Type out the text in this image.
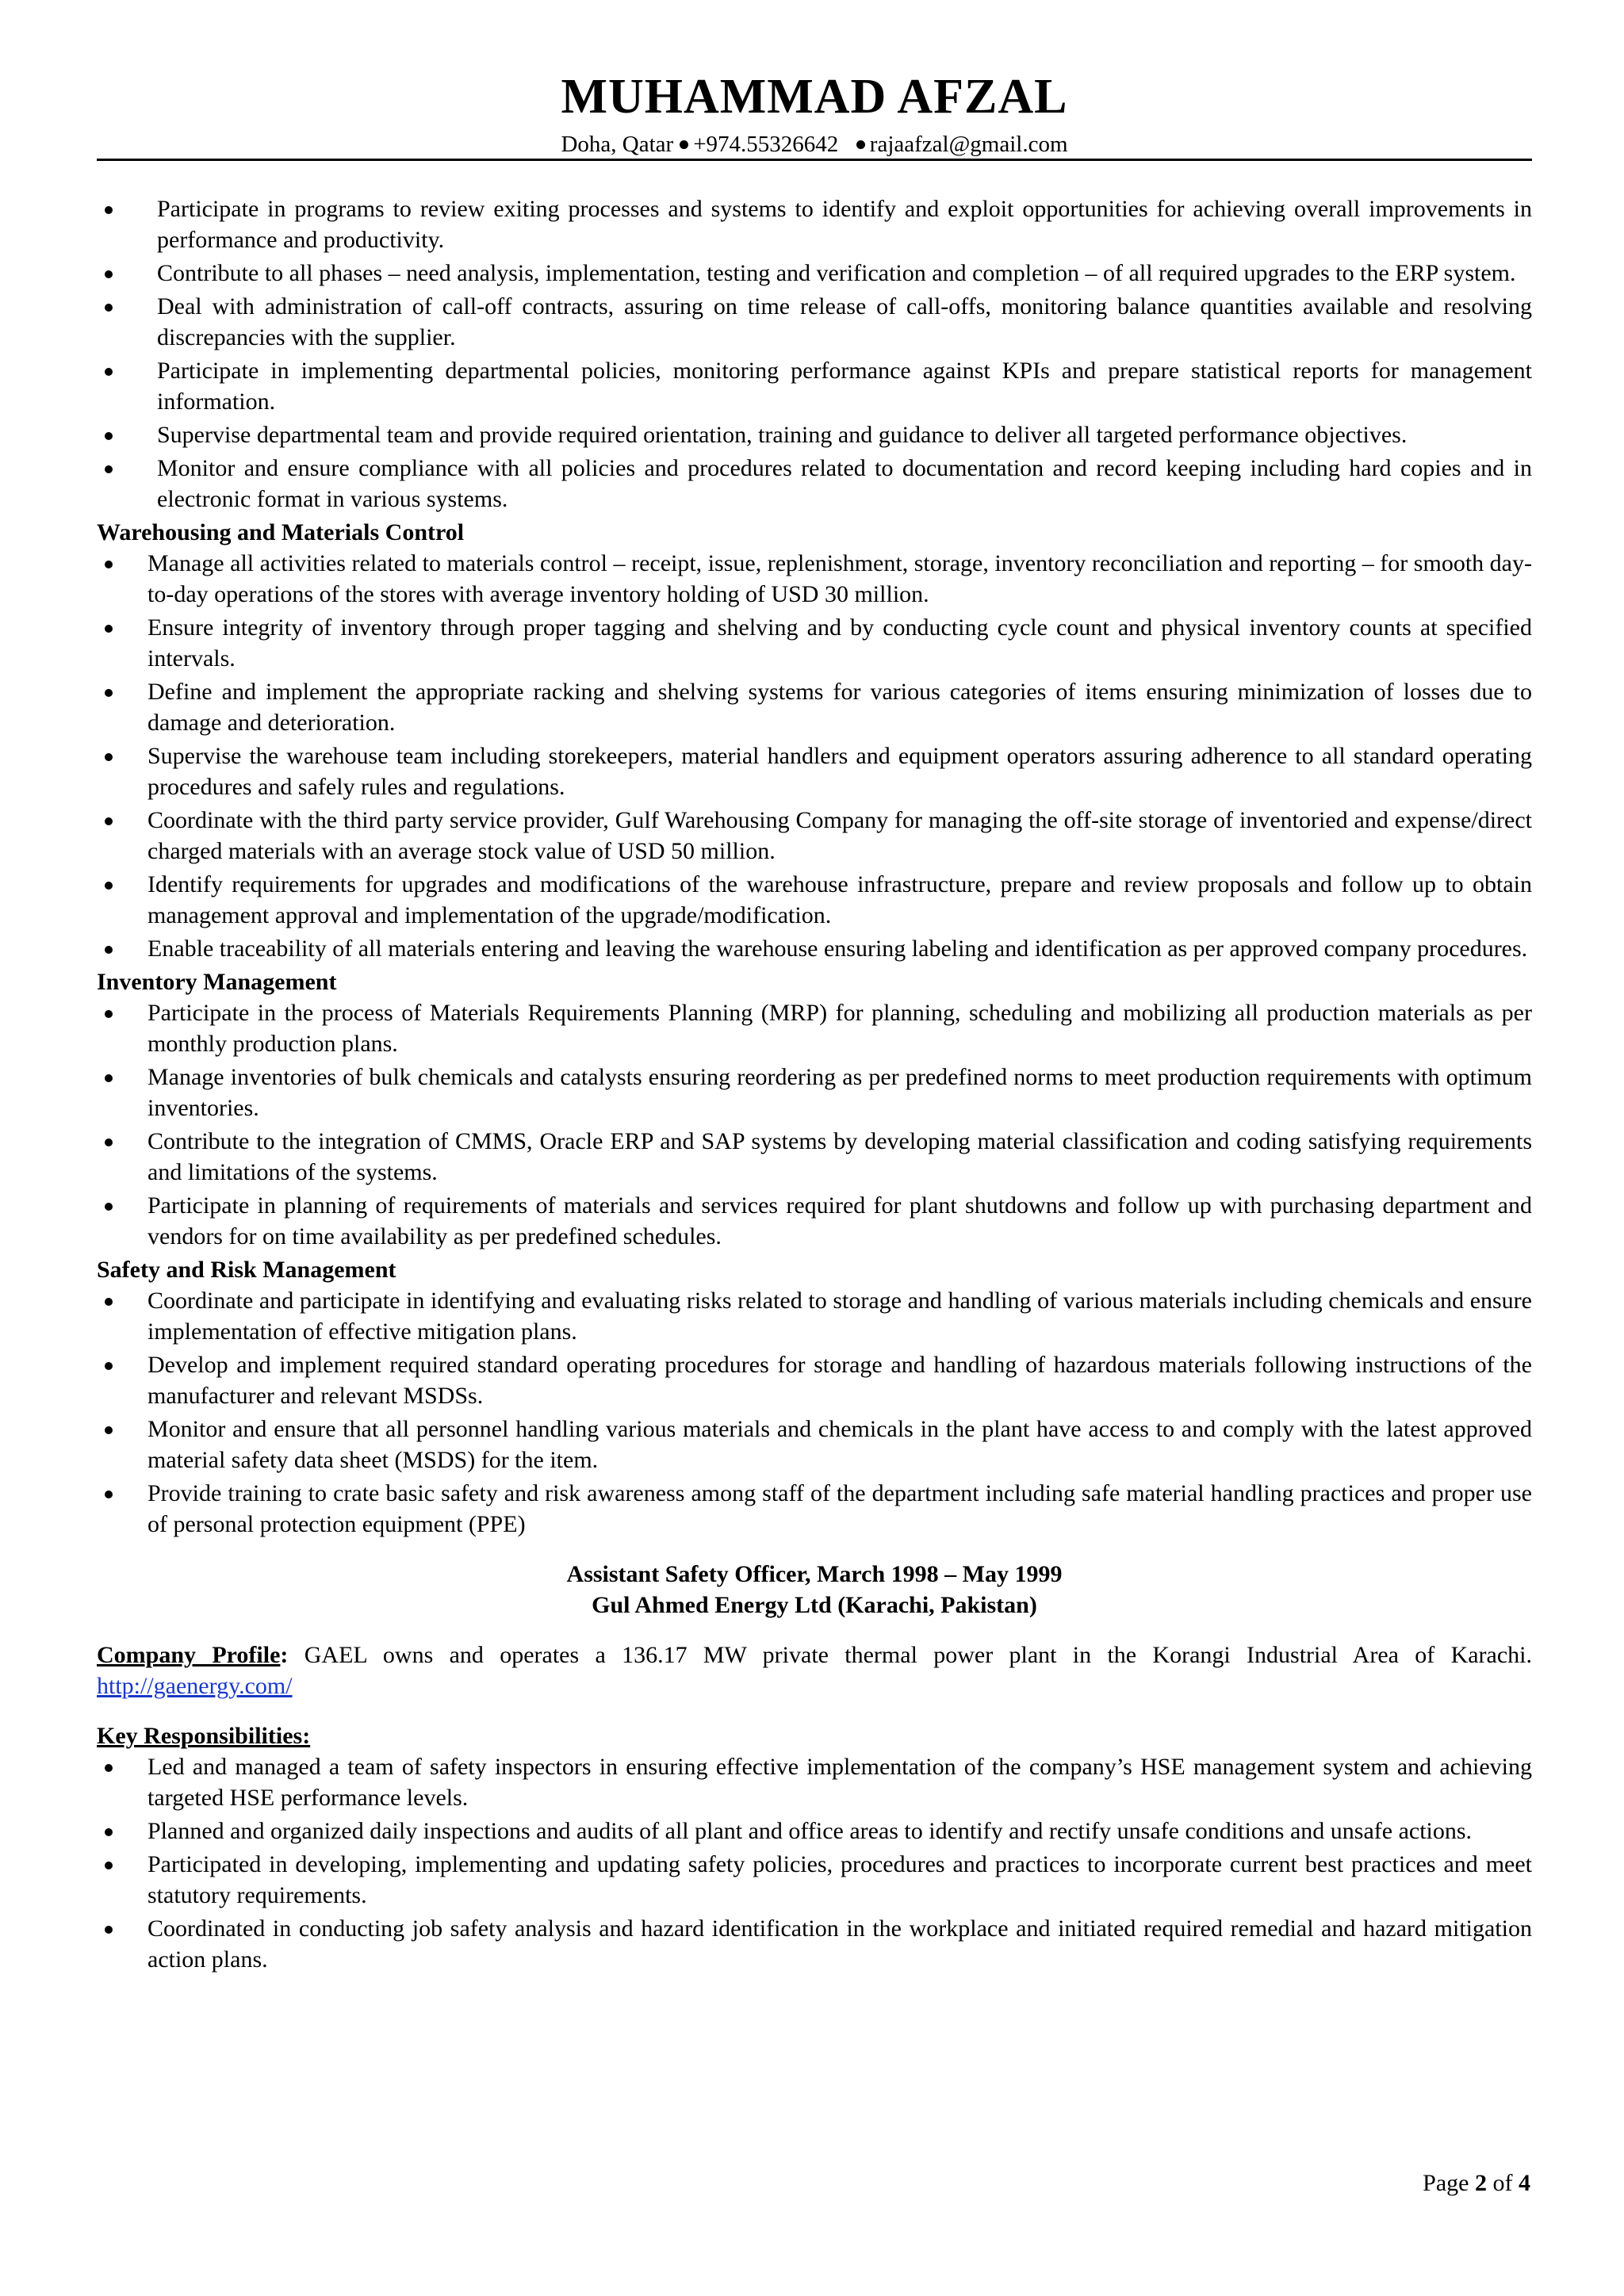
MUHAMMAD AFZAL
Doha, Qatar +974.55326642 rajaafzal@gmail.com
Participate in programs to review exiting processes and systems to identify and exploit opportunities for achieving overall improvements in performance and productivity.
Contribute to all phases – need analysis, implementation, testing and verification and completion – of all required upgrades to the ERP system.
Deal with administration of call-off contracts, assuring on time release of call-offs, monitoring balance quantities available and resolving discrepancies with the supplier.
Participate in implementing departmental policies, monitoring performance against KPIs and prepare statistical reports for management information.
Supervise departmental team and provide required orientation, training and guidance to deliver all targeted performance objectives.
Monitor and ensure compliance with all policies and procedures related to documentation and record keeping including hard copies and in electronic format in various systems.
Warehousing and Materials Control
Manage all activities related to materials control – receipt, issue, replenishment, storage, inventory reconciliation and reporting – for smooth day-to-day operations of the stores with average inventory holding of USD 30 million.
Ensure integrity of inventory through proper tagging and shelving and by conducting cycle count and physical inventory counts at specified intervals.
Define and implement the appropriate racking and shelving systems for various categories of items ensuring minimization of losses due to damage and deterioration.
Supervise the warehouse team including storekeepers, material handlers and equipment operators assuring adherence to all standard operating procedures and safely rules and regulations.
Coordinate with the third party service provider, Gulf Warehousing Company for managing the off-site storage of inventoried and expense/direct charged materials with an average stock value of USD 50 million.
Identify requirements for upgrades and modifications of the warehouse infrastructure, prepare and review proposals and follow up to obtain management approval and implementation of the upgrade/modification.
Enable traceability of all materials entering and leaving the warehouse ensuring labeling and identification as per approved company procedures.
Inventory Management
Participate in the process of Materials Requirements Planning (MRP) for planning, scheduling and mobilizing all production materials as per monthly production plans.
Manage inventories of bulk chemicals and catalysts ensuring reordering as per predefined norms to meet production requirements with optimum inventories.
Contribute to the integration of CMMS, Oracle ERP and SAP systems by developing material classification and coding satisfying requirements and limitations of the systems.
Participate in planning of requirements of materials and services required for plant shutdowns and follow up with purchasing department and vendors for on time availability as per predefined schedules.
Safety and Risk Management
Coordinate and participate in identifying and evaluating risks related to storage and handling of various materials including chemicals and ensure implementation of effective mitigation plans.
Develop and implement required standard operating procedures for storage and handling of hazardous materials following instructions of the manufacturer and relevant MSDSs.
Monitor and ensure that all personnel handling various materials and chemicals in the plant have access to and comply with the latest approved material safety data sheet (MSDS) for the item.
Provide training to crate basic safety and risk awareness among staff of the department including safe material handling practices and proper use of personal protection equipment (PPE)
Assistant Safety Officer, March 1998 – May 1999
Gul Ahmed Energy Ltd (Karachi, Pakistan)
Company Profile: GAEL owns and operates a 136.17 MW private thermal power plant in the Korangi Industrial Area of Karachi. http://gaenergy.com/
Key Responsibilities:
Led and managed a team of safety inspectors in ensuring effective implementation of the company’s HSE management system and achieving targeted HSE performance levels.
Planned and organized daily inspections and audits of all plant and office areas to identify and rectify unsafe conditions and unsafe actions.
Participated in developing, implementing and updating safety policies, procedures and practices to incorporate current best practices and meet statutory requirements.
Coordinated in conducting job safety analysis and hazard identification in the workplace and initiated required remedial and hazard mitigation action plans.
Page 2 of 4
